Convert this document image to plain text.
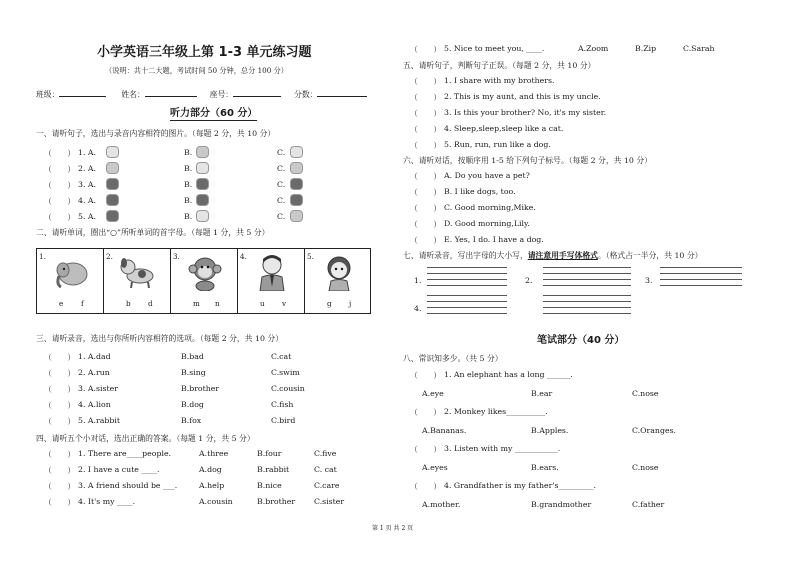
小学英语三年级上第 1-3 单元练习题
（说明：共十二大题，考试时间 50 分钟，总分 100 分）
班级：	姓名：	座号：	分数：
听力部分（60 分）
一、请听句子，选出与录音内容相符的图片。（每题 2 分，共 10 分）
（　　） 1. A.	B.	C.
（　　） 2. A.	B.	C.
（　　） 3. A.	B.	C.
（　　） 4. A.	B.	C.
（　　） 5. A.	B.	C.
二、请听单词，圈出“○”所听单词的首字母。（每题 1 分，共 5 分）
1.
e f
2.
b d
3.
m n
4.
u v
5.
g j
三、请听录音，选出与你所听内容相符的选项。（每题 2 分，共 10 分）
（　　） 1. A.dad	B.bad	C.cat
（　　） 2. A.run	B.sing	C.swim
（　　） 3. A.sister	B.brother	C.cousin
（　　） 4. A.lion	B.dog	C.fish
（　　） 5. A.rabbit	B.fox	C.bird
四、请听五个小对话，选出正确的答案。（每题 1 分，共 5 分）
（　　） 1. There are____people.	A.three	B.four	C.five
（　　） 2. I have a cute ____.	A.dog	B.rabbit	C. cat
（　　） 3. A friend should be ___.	A.help	B.nice	C.care
（　　） 4. It's my ____.	A.cousin	B.brother C.sister
（　　） 5. Nice to meet you, ____.	A.Zoom	B.Zip	C.Sarah
五、请听句子，判断句子正误。（每题 2 分，共 10 分）
（　　） 1. I share with my brothers.
（　　） 2. This is my aunt, and this is my uncle.
（　　） 3. Is this your brother? No, it's my sister.
（　　） 4. Sleep,sleep,sleep like a cat.
（　　） 5. Run, run, run like a dog.
六、请听对话，按顺序用 1-5 给下列句子标号。（每题 2 分，共 10 分）
（　　） A. Do you have a pet?
（　　） B. I like dogs, too.
（　　） C. Good morning,Mike.
（　　） D. Good morning,Lily.
（　　） E. Yes, I do. I have a dog.
七、请听录音，写出字母的大小写，请注意用手写体格式。（格式占一半分，共 10 分）
1.	2.	3.
4.
笔试部分（40 分）
八、常识知多少。（共 5 分）
（　　） 1. An elephant has a long ______.
A.eye	B.ear	C.nose
（　　） 2. Monkey likes__________.
A.Bananas.	B.Apples.	C.Oranges.
（　　） 3. Listen with my ___________.
A.eyes	B.ears.	C.nose
（　　） 4. Grandfather is my father's_________.
A.mother.	B.grandmother	C.father
第 1 页 共 2 页
